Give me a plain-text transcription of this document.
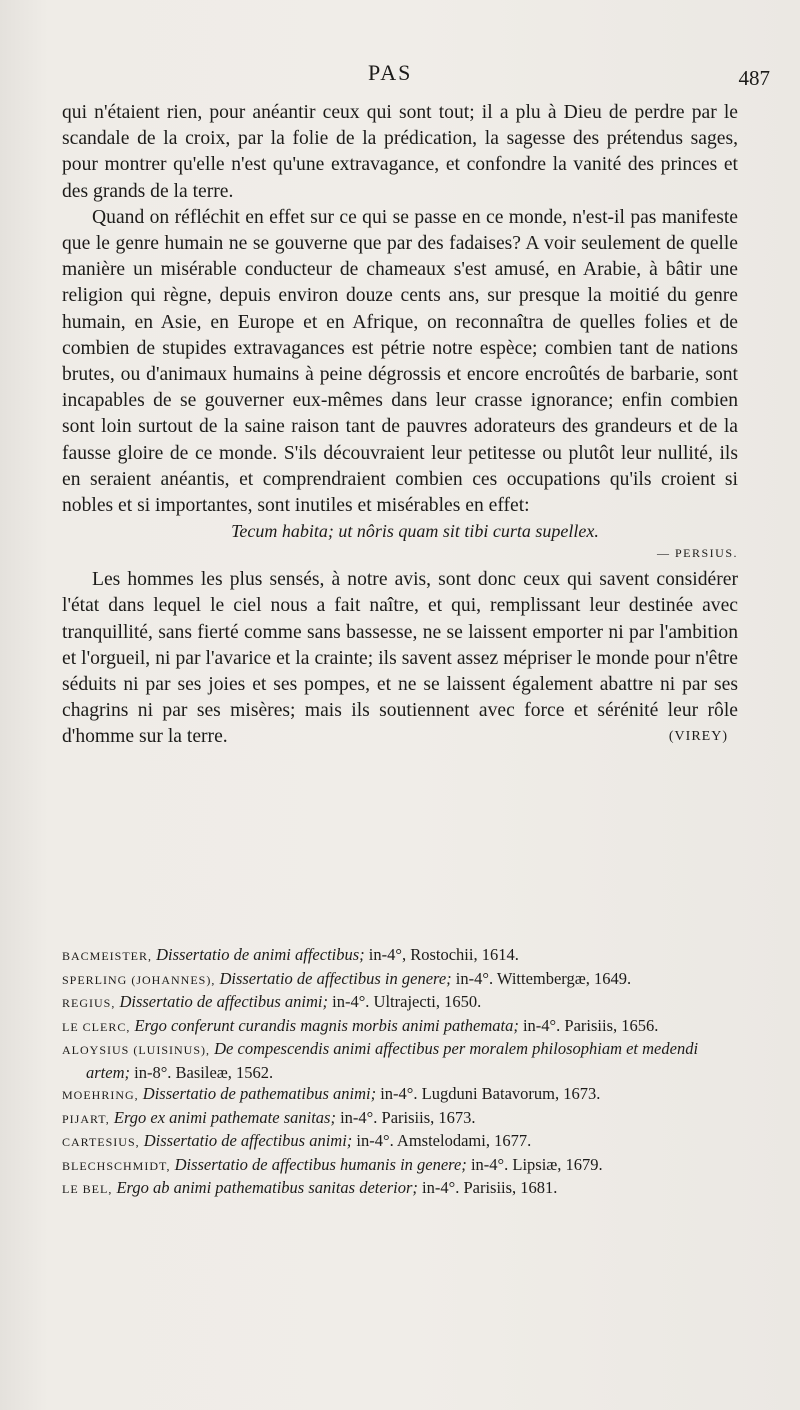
PAS	487

qui n'étaient rien, pour anéantir ceux qui sont tout; il a plu à Dieu de perdre par le scandale de la croix, par la folie de la prédication, la sagesse des prétendus sages, pour montrer qu'elle n'est qu'une extravagance, et confondre la vanité des princes et des grands de la terre.

Quand on réfléchit en effet sur ce qui se passe en ce monde, n'est-il pas manifeste que le genre humain ne se gouverne que par des fadaises? A voir seulement de quelle manière un misérable conducteur de chameaux s'est amusé, en Arabie, à bâtir une religion qui règne, depuis environ douze cents ans, sur presque la moitié du genre humain, en Asie, en Europe et en Afrique, on reconnaîtra de quelles folies et de combien de stupides extravagances est pétrie notre espèce; combien tant de nations brutes, ou d'animaux humains à peine dégrossis et encore encroûtés de barbarie, sont incapables de se gouverner eux-mêmes dans leur crasse ignorance; enfin combien sont loin surtout de la saine raison tant de pauvres adorateurs des grandeurs et de la fausse gloire de ce monde. S'ils découvraient leur petitesse ou plutôt leur nullité, ils en seraient anéantis, et comprendraient combien ces occupations qu'ils croient si nobles et si importantes, sont inutiles et misérables en effet:

Tecum habita; ut nôris quam sit tibi curta supellex.

— PERSIUS.

Les hommes les plus sensés, à notre avis, sont donc ceux qui savent considérer l'état dans lequel le ciel nous a fait naître, et qui, remplissant leur destinée avec tranquillité, sans fierté comme sans bassesse, ne se laissent emporter ni par l'ambition et l'orgueil, ni par l'avarice et la crainte; ils savent assez mépriser le monde pour n'être séduits ni par ses joies et ses pompes, et ne se laissent également abattre ni par ses chagrins ni par ses misères; mais ils soutiennent avec force et sérénité leur rôle d'homme sur la terre.	(VIREY)

BACMEISTER, Dissertatio de animi affectibus; in-4°, Rostochii, 1614.

SPERLING (JOHANNES), Dissertatio de affectibus in genere; in-4°. Wittembergæ, 1649.

REGIUS, Dissertatio de affectibus animi; in-4°. Ultrajecti, 1650.

LE CLERC, Ergo conferunt curandis magnis morbis animi pathemata; in-4°. Parisiis, 1656.

ALOYSIUS (LUISINUS), De compescendis animi affectibus per moralem philosophiam et medendi artem; in-8°. Basileæ, 1562.

MOEHRING, Dissertatio de pathematibus animi; in-4°. Lugduni Batavorum, 1673.

PIJART, Ergo ex animi pathemate sanitas; in-4°. Parisiis, 1673.

CARTESIUS, Dissertatio de affectibus animi; in-4°. Amstelodami, 1677.

BLECHSCHMIDT, Dissertatio de affectibus humanis in genere; in-4°. Lipsiæ, 1679.

LE BEL, Ergo ab animi pathematibus sanitas deterior; in-4°. Parisiis, 1681.
